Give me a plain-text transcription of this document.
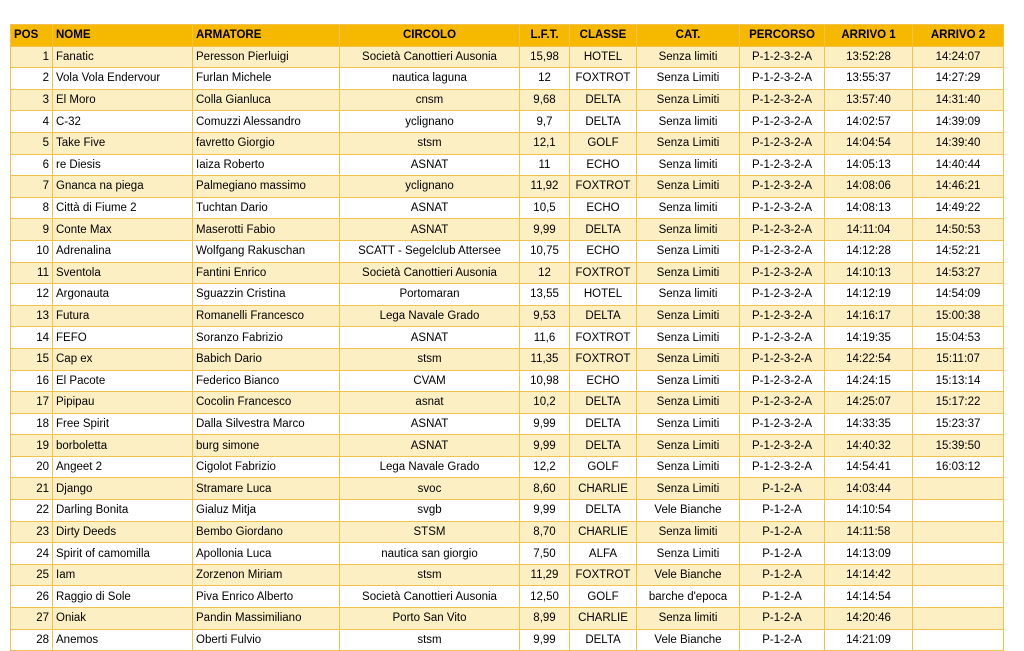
POS	NOME	ARMATORE	CIRCOLO	L.F.T.	CLASSE	CAT.	PERCORSO	ARRIVO 1	ARRIVO 2
1	Fanatic	Peresson Pierluigi	Società Canottieri Ausonia	15,98	HOTEL	Senza limiti	P-1-2-3-2-A	13:52:28	14:24:07
2	Vola Vola Endervour	Furlan Michele	nautica laguna	12	FOXTROT	Senza Limiti	P-1-2-3-2-A	13:55:37	14:27:29
3	El Moro	Colla Gianluca	cnsm	9,68	DELTA	Senza Limiti	P-1-2-3-2-A	13:57:40	14:31:40
4	C-32	Comuzzi Alessandro	yclignano	9,7	DELTA	Senza limiti	P-1-2-3-2-A	14:02:57	14:39:09
5	Take Five	favretto Giorgio	stsm	12,1	GOLF	Senza Limiti	P-1-2-3-2-A	14:04:54	14:39:40
6	re Diesis	Iaiza Roberto	ASNAT	11	ECHO	Senza limiti	P-1-2-3-2-A	14:05:13	14:40:44
7	Gnanca na piega	Palmegiano massimo	yclignano	11,92	FOXTROT	Senza Limiti	P-1-2-3-2-A	14:08:06	14:46:21
8	Città di Fiume 2	Tuchtan Dario	ASNAT	10,5	ECHO	Senza limiti	P-1-2-3-2-A	14:08:13	14:49:22
9	Conte Max	Maserotti Fabio	ASNAT	9,99	DELTA	Senza limiti	P-1-2-3-2-A	14:11:04	14:50:53
10	Adrenalina	Wolfgang Rakuschan	SCATT - Segelclub Attersee	10,75	ECHO	Senza Limiti	P-1-2-3-2-A	14:12:28	14:52:21
11	Sventola	Fantini Enrico	Società Canottieri Ausonia	12	FOXTROT	Senza Limiti	P-1-2-3-2-A	14:10:13	14:53:27
12	Argonauta	Sguazzin Cristina	Portomaran	13,55	HOTEL	Senza limiti	P-1-2-3-2-A	14:12:19	14:54:09
13	Futura	Romanelli Francesco	Lega Navale Grado	9,53	DELTA	Senza Limiti	P-1-2-3-2-A	14:16:17	15:00:38
14	FEFO	Soranzo Fabrizio	ASNAT	11,6	FOXTROT	Senza Limiti	P-1-2-3-2-A	14:19:35	15:04:53
15	Cap ex	Babich Dario	stsm	11,35	FOXTROT	Senza Limiti	P-1-2-3-2-A	14:22:54	15:11:07
16	El Pacote	Federico Bianco	CVAM	10,98	ECHO	Senza Limiti	P-1-2-3-2-A	14:24:15	15:13:14
17	Pipipau	Cocolin Francesco	asnat	10,2	DELTA	Senza Limiti	P-1-2-3-2-A	14:25:07	15:17:22
18	Free Spirit	Dalla Silvestra Marco	ASNAT	9,99	DELTA	Senza Limiti	P-1-2-3-2-A	14:33:35	15:23:37
19	borboletta	burg simone	ASNAT	9,99	DELTA	Senza Limiti	P-1-2-3-2-A	14:40:32	15:39:50
20	Angeet 2	Cigolot Fabrizio	Lega Navale Grado	12,2	GOLF	Senza Limiti	P-1-2-3-2-A	14:54:41	16:03:12
21	Django	Stramare Luca	svoc	8,60	CHARLIE	Senza Limiti	P-1-2-A	14:03:44	
22	Darling Bonita	Gialuz Mitja	svgb	9,99	DELTA	Vele Bianche	P-1-2-A	14:10:54	
23	Dirty Deeds	Bembo Giordano	STSM	8,70	CHARLIE	Senza limiti	P-1-2-A	14:11:58	
24	Spirit of camomilla	Apollonia Luca	nautica san giorgio	7,50	ALFA	Senza Limiti	P-1-2-A	14:13:09	
25	Iam	Zorzenon Miriam	stsm	11,29	FOXTROT	Vele Bianche	P-1-2-A	14:14:42	
26	Raggio di Sole	Piva Enrico Alberto	Società Canottieri Ausonia	12,50	GOLF	barche d'epoca	P-1-2-A	14:14:54	
27	Oniak	Pandin Massimiliano	Porto San Vito	8,99	CHARLIE	Senza limiti	P-1-2-A	14:20:46	
28	Anemos	Oberti Fulvio	stsm	9,99	DELTA	Vele Bianche	P-1-2-A	14:21:09	
